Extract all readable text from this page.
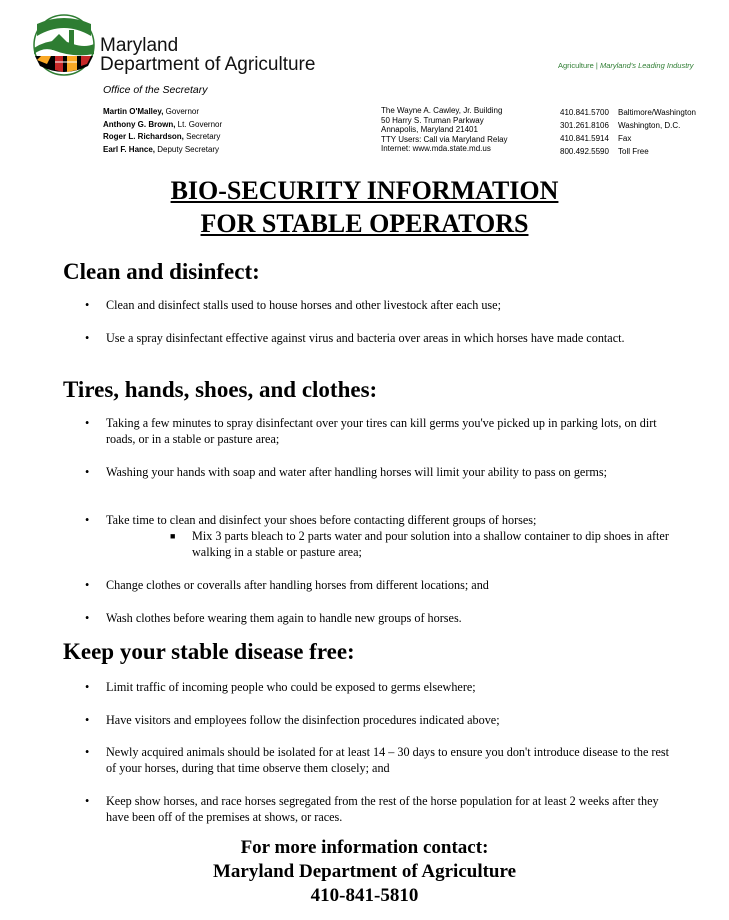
Maryland
Department of Agriculture
Office of the Secretary
Agriculture | Maryland's Leading Industry
Martin O'Malley, Governor
Anthony G. Brown, Lt. Governor
Roger L. Richardson, Secretary
Earl F. Hance, Deputy Secretary
The Wayne A. Cawley, Jr. Building
50 Harry S. Truman Parkway
Annapolis, Maryland 21401
TTY Users: Call via Maryland Relay
Internet: www.mda.state.md.us
410.841.5700 Baltimore/Washington
301.261.8106 Washington, D.C.
410.841.5914 Fax
800.492.5590 Toll Free
BIO-SECURITY INFORMATION
FOR STABLE OPERATORS
Clean and disinfect:
• Clean and disinfect stalls used to house horses and other livestock after each use;
• Use a spray disinfectant effective against virus and bacteria over areas in which horses have made contact.
Tires, hands, shoes, and clothes:
• Taking a few minutes to spray disinfectant over your tires can kill germs you've picked up in parking lots, on dirt roads, or in a stable or pasture area;
• Washing your hands with soap and water after handling horses will limit your ability to pass on germs;
• Take time to clean and disinfect your shoes before contacting different groups of horses;
■ Mix 3 parts bleach to 2 parts water and pour solution into a shallow container to dip shoes in after walking in a stable or pasture area;
• Change clothes or coveralls after handling horses from different locations; and
• Wash clothes before wearing them again to handle new groups of horses.
Keep your stable disease free:
• Limit traffic of incoming people who could be exposed to germs elsewhere;
• Have visitors and employees follow the disinfection procedures indicated above;
• Newly acquired animals should be isolated for at least 14 – 30 days to ensure you don't introduce disease to the rest of your horses, during that time observe them closely; and
• Keep show horses, and race horses segregated from the rest of the horse population for at least 2 weeks after they have been off of the premises at shows, or races.
For more information contact:
Maryland Department of Agriculture
410-841-5810
